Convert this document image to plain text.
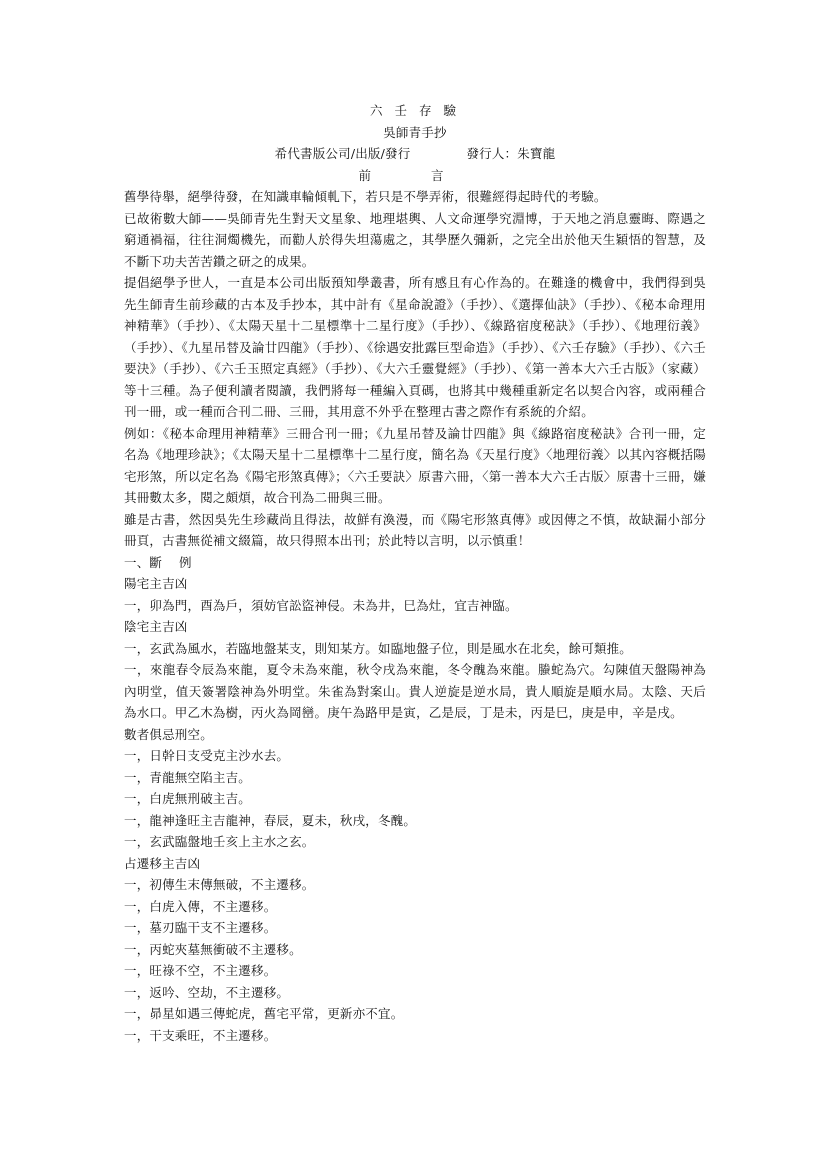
六 壬 存 驗
吳師青手抄
希代書版公司/出版/發行	發行人：朱寶龍
前 言

舊學待舉，絕學待發，在知識車輪傾軋下，若只是不學弄術，很難經得起時代的考驗。

已故術數大師——吳師青先生對天文星象、地理堪輿、人文命運學究淵博，于天地之消息靈晦、際遇之窮通禍福，往往洞燭機先，而勸人於得失坦蕩處之，其學歷久彌新，之完全出於他天生穎悟的智慧，及不斷下功夫苦苦鑽之研之的成果。

提倡絕學予世人，一直是本公司出版預知學叢書，所有感且有心作為的。在難逢的機會中，我們得到吳先生師青生前珍藏的古本及手抄本，其中計有《星命說證》（手抄）、《選擇仙訣》（手抄）、《秘本命理用神精華》（手抄）、《太陽天星十二星標準十二星行度》（手抄）、《線路宿度秘訣》（手抄）、《地理衍義》（手抄）、《九星吊替及論廿四龍》（手抄）、《徐遇安批露巨型命造》（手抄）、《六壬存驗》（手抄）、《六壬要決》（手抄）、《六壬玉照定真經》（手抄）、《大六壬靈覺經》（手抄）、《第一善本大六壬古版》（家藏）等十三種。為子便利讀者閱讀，我們將每一種編入頁碼，也將其中幾種重新定名以契合內容，或兩種合刊一冊，或一種而合刊二冊、三冊，其用意不外乎在整理古書之際作有系統的介紹。

例如：《秘本命理用神精華》三冊合刊一冊；《九星吊替及論廿四龍》與《線路宿度秘訣》合刊一冊，定名為《地理珍訣》；《太陽天星十二星標準十二星行度，簡名為《天星行度》〈地理衍義〉以其內容概括陽宅形煞，所以定名為《陽宅形煞真傳》；〈六壬要訣〉原書六冊，〈第一善本大六壬古版〉原書十三冊，嫌其冊數太多，閱之頗煩，故合刊為二冊與三冊。

雖是古書，然因吳先生珍藏尚且得法，故鮮有渙漫，而《陽宅形煞真傳》或因傳之不慎，故缺漏小部分冊頁，古書無從補文綴篇，故只得照本出刊；於此特以言明，以示慎重！

一、斷　 例

陽宅主吉凶

一，卯為門，酉為戶，須妨官訟盜神侵。未為井，巳為灶，宜吉神臨。

陰宅主吉凶

一，玄武為風水，若臨地盤某支，則知某方。如臨地盤子位，則是風水在北矣，餘可類推。

一，來龍春令辰為來龍，夏令未為來龍，秋令戌為來龍，冬令醜為來龍。螣蛇為穴。勾陳值天盤陽神為內明堂，值天簽署陰神為外明堂。朱雀為對案山。貴人逆旋是逆水局，貴人順旋是順水局。太陰、天后為水口。甲乙木為樹，丙火為岡巒。庚午為路甲是寅，乙是辰，丁是未，丙是巳，庚是申，辛是戌。

數者俱忌刑空。

一，日幹日支受克主沙水去。

一，青龍無空陷主吉。

一，白虎無刑破主吉。

一，龍神逢旺主吉龍神，春辰，夏未，秋戌，冬醜。

一，玄武臨盤地壬亥上主水之玄。

占遷移主吉凶

一，初傳生末傳無破，不主遷移。

一，白虎入傳，不主遷移。

一，墓刃臨干支不主遷移。

一，丙蛇夾墓無衝破不主遷移。

一，旺祿不空，不主遷移。

一，返吟、空劫，不主遷移。

一，昴星如遇三傳蛇虎，舊宅平常，更新亦不宜。

一，干支乘旺，不主遷移。
